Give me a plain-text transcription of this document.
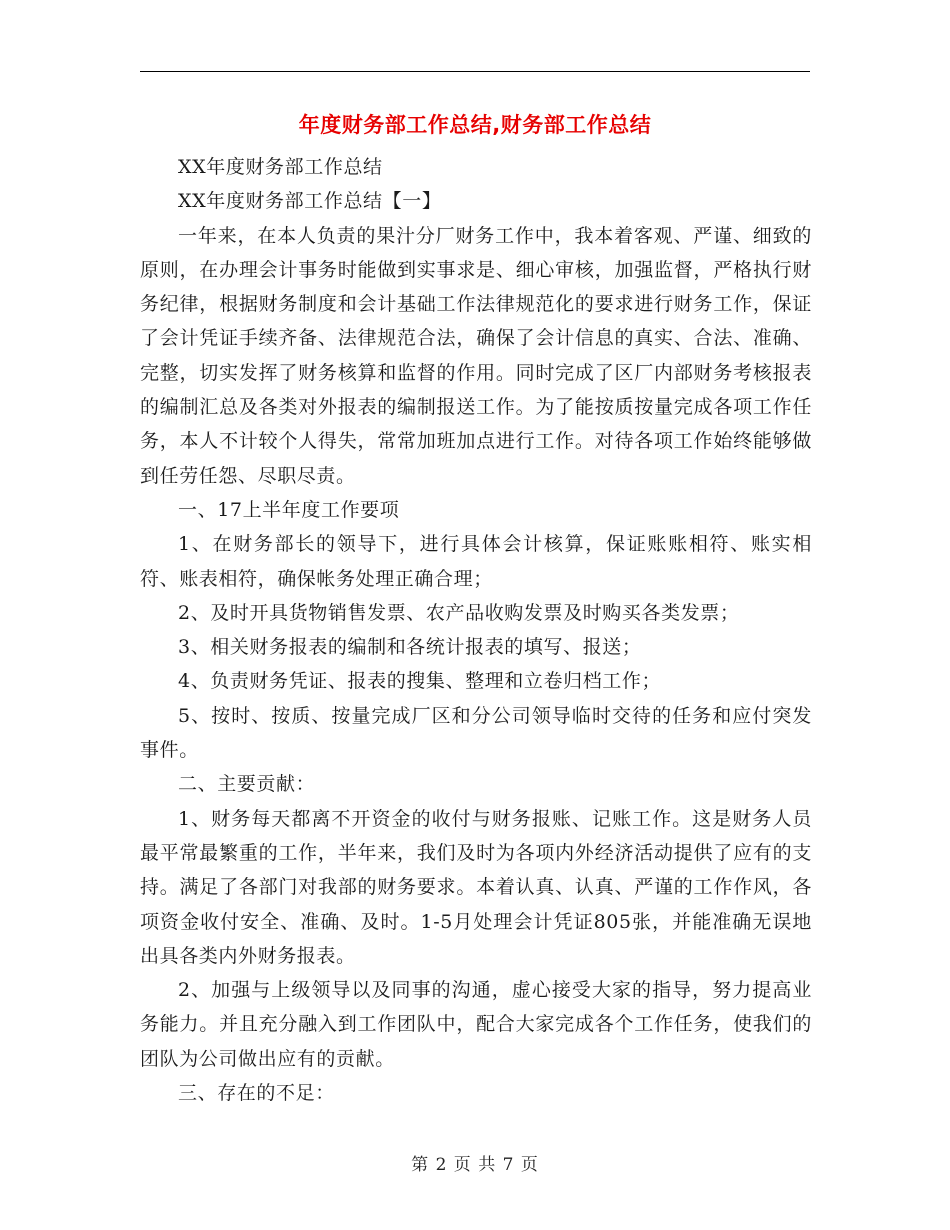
年度财务部工作总结,财务部工作总结

XX年度财务部工作总结

XX年度财务部工作总结【一】

一年来，在本人负责的果汁分厂财务工作中，我本着客观、严谨、细致的原则，在办理会计事务时能做到实事求是、细心审核，加强监督，严格执行财务纪律，根据财务制度和会计基础工作法律规范化的要求进行财务工作，保证了会计凭证手续齐备、法律规范合法，确保了会计信息的真实、合法、准确、完整，切实发挥了财务核算和监督的作用。同时完成了区厂内部财务考核报表的编制汇总及各类对外报表的编制报送工作。为了能按质按量完成各项工作任务，本人不计较个人得失，常常加班加点进行工作。对待各项工作始终能够做到任劳任怨、尽职尽责。

一、17上半年度工作要项

1、在财务部长的领导下，进行具体会计核算，保证账账相符、账实相符、账表相符，确保帐务处理正确合理；

2、及时开具货物销售发票、农产品收购发票及时购买各类发票；

3、相关财务报表的编制和各统计报表的填写、报送；

4、负责财务凭证、报表的搜集、整理和立卷归档工作；

5、按时、按质、按量完成厂区和分公司领导临时交待的任务和应付突发事件。

二、主要贡献：

1、财务每天都离不开资金的收付与财务报账、记账工作。这是财务人员最平常最繁重的工作，半年来，我们及时为各项内外经济活动提供了应有的支持。满足了各部门对我部的财务要求。本着认真、认真、严谨的工作作风，各项资金收付安全、准确、及时。1-5月处理会计凭证805张，并能准确无误地出具各类内外财务报表。

2、加强与上级领导以及同事的沟通，虚心接受大家的指导，努力提高业务能力。并且充分融入到工作团队中，配合大家完成各个工作任务，使我们的团队为公司做出应有的贡献。

三、存在的不足：

第 2 页 共 7 页
